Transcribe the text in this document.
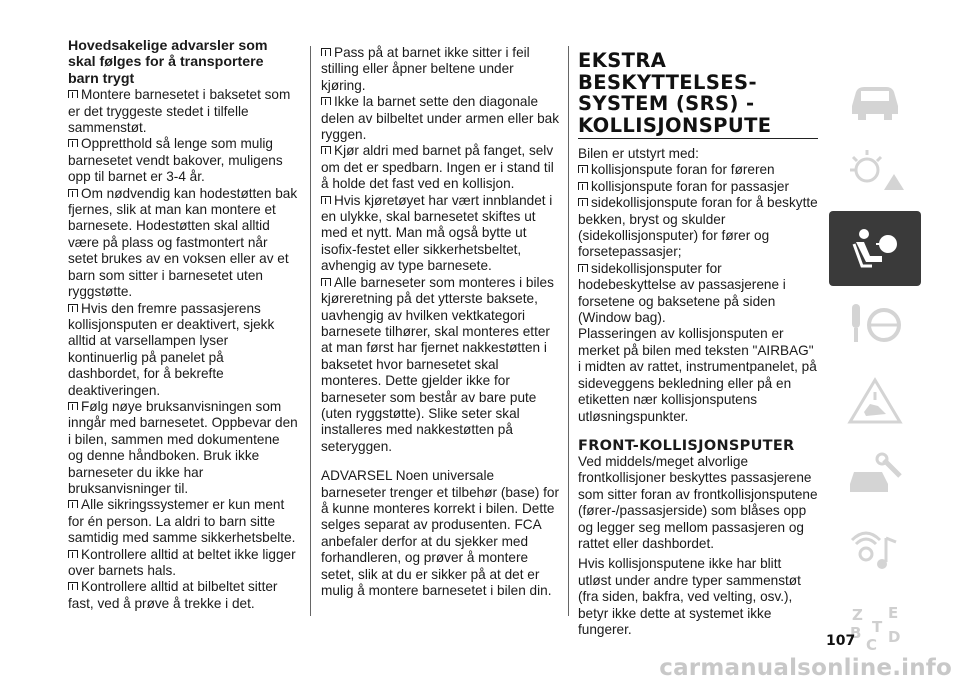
Hovedsakelige advarsler som skal følges for å transportere barn trygt
Montere barnesetet i baksetet som er det tryggeste stedet i tilfelle sammenstøt.
Oppretthold så lenge som mulig barnesetet vendt bakover, muligens opp til barnet er 3-4 år.
Om nødvendig kan hodestøtten bak fjernes, slik at man kan montere et barnesete. Hodestøtten skal alltid være på plass og fastmontert når setet brukes av en voksen eller av et barn som sitter i barnesetet uten ryggstøtte.
Hvis den fremre passasjerens kollisjonsputen er deaktivert, sjekk alltid at varsellampen lyser kontinuerlig på panelet på dashbordet, for å bekrefte deaktiveringen.
Følg nøye bruksanvisningen som inngår med barnesetet. Oppbevar den i bilen, sammen med dokumentene og denne håndboken. Bruk ikke barneseter du ikke har bruksanvisninger til.
Alle sikringssystemer er kun ment for én person. La aldri to barn sitte samtidig med samme sikkerhetsbelte.
Kontrollere alltid at beltet ikke ligger over barnets hals.
Kontrollere alltid at bilbeltet sitter fast, ved å prøve å trekke i det.
Pass på at barnet ikke sitter i feil stilling eller åpner beltene under kjøring.
Ikke la barnet sette den diagonale delen av bilbeltet under armen eller bak ryggen.
Kjør aldri med barnet på fanget, selv om det er spedbarn. Ingen er i stand til å holde det fast ved en kollisjon.
Hvis kjøretøyet har vært innblandet i en ulykke, skal barnesetet skiftes ut med et nytt. Man må også bytte ut isofix-festet eller sikkerhetsbeltet, avhengig av type barnesete.
Alle barneseter som monteres i biles kjøreretning på det ytterste baksete, uavhengig av hvilken vektkategori barnesete tilhører, skal monteres etter at man først har fjernet nakkestøtten i baksetet hvor barnesetet skal monteres. Dette gjelder ikke for barneseter som består av bare pute (uten ryggstøtte). Slike seter skal installeres med nakkestøtten på seteryggen.
ADVARSEL Noen universale barneseter trenger et tilbehør (base) for å kunne monteres korrekt i bilen. Dette selges separat av produsenten. FCA anbefaler derfor at du sjekker med forhandleren, og prøver å montere setet, slik at du er sikker på at det er mulig å montere barnesetet i bilen din.
EKSTRA BESKYTTELSES-SYSTEM (SRS) - KOLLISJONSPUTE
Bilen er utstyrt med:
kollisjonspute foran for føreren
kollisjonspute foran for passasjer
sidekollisjonspute foran for å beskytte bekken, bryst og skulder (sidekollisjonsputer) for fører og forsetepassasjer;
sidekollisjonsputer for hodebeskyttelse av passasjerene i forsetene og baksetene på siden (Window bag).
Plasseringen av kollisjonsputen er merket på bilen med teksten "AIRBAG" i midten av rattet, instrumentpanelet, på sideveggens bekledning eller på en etiketten nær kollisjonsputens utløsningspunkter.
FRONT-KOLLISJONSPUTER
Ved middels/meget alvorlige frontkollisjoner beskyttes passasjerene som sitter foran av frontkollisjonsputene (fører-/passasjerside) som blåses opp og legger seg mellom passasjeren og rattet eller dashbordet.
Hvis kollisjonsputene ikke har blitt utløst under andre typer sammenstøt (fra siden, bakfra, ved velting, osv.), betyr ikke dette at systemet ikke fungerer.
Z E
B
C D
T
107
carmanualsonline.info
